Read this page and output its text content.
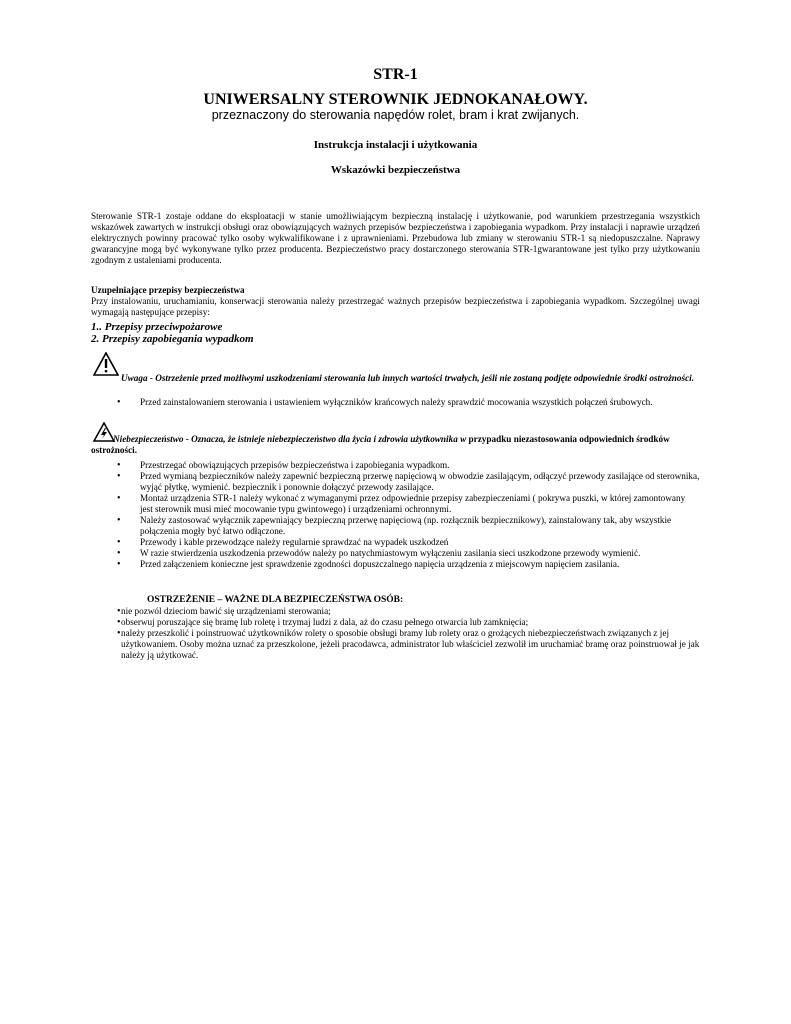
STR-1
UNIWERSALNY STEROWNIK JEDNOKANAŁOWY.
przeznaczony do sterowania napędów rolet, bram i krat zwijanych.
Instrukcja instalacji i użytkowania
Wskazówki bezpieczeństwa
Sterowanie STR-1 zostaje oddane do eksploatacji w stanie umożliwiającym bezpieczną instalację i użytkowanie, pod warunkiem przestrzegania wszystkich wskazówek zawartych w instrukcji obsługi oraz obowiązujących ważnych przepisów bezpieczeństwa i zapobiegania wypadkom. Przy instalacji i naprawie urządzeń elektrycznych powinny pracować tylko osoby wykwalifikowane i z uprawnieniami. Przebudowa lub zmiany w sterowaniu STR-1 są niedopuszczalne. Naprawy gwarancyjne mogą być wykonywane tylko przez producenta. Bezpieczeństwo pracy dostarczonego sterowania STR-1gwarantowane jest tylko przy użytkowaniu zgodnym z ustaleniami producenta.
Uzupełniające przepisy bezpieczeństwa
Przy instalowaniu, uruchamianiu, konserwacji sterowania należy przestrzegać ważnych przepisów bezpieczeństwa i zapobiegania wypadkom. Szczególnej uwagi wymagają następujące przepisy:
1.. Przepisy przeciwpożarowe
2. Przepisy zapobiegania wypadkom
Uwaga - Ostrzeżenie przed możliwymi uszkodzeniami sterowania lub innych wartości trwałych, jeśli nie zostaną podjęte odpowiednie środki ostrożności.
• Przed zainstalowaniem sterowania i ustawieniem wyłączników krańcowych należy sprawdzić mocowania wszystkich połączeń śrubowych.
Niebezpieczeństwo - Oznacza, że istnieje niebezpieczeństwo dla życia i zdrowia użytkownika w przypadku niezastosowania odpowiednich środków ostrożności.
• Przestrzegać obowiązujących przepisów bezpieczeństwa i zapobiegania wypadkom.
• Przed wymianą bezpieczników należy zapewnić bezpieczną przerwę napięciową w obwodzie zasilającym, odłączyć przewody zasilające od sterownika, wyjąć płytkę, wymienić. bezpiecznik i ponownie dołączyć przewody zasilające.
• Montaż urządzenia STR-1 należy wykonać z wymaganymi przez odpowiednie przepisy zabezpieczeniami ( pokrywa puszki, w której zamontowany jest sterownik musi mieć mocowanie typu gwintowego) i urządzeniami ochronnymi.
• Należy zastosować wyłącznik zapewniający bezpieczną przerwę napięciową (np. rozłącznik bezpiecznikowy), zainstalowany tak, aby wszystkie połączenia mogły być łatwo odłączone.
• Przewody i kable przewodzące należy regularnie sprawdzać na wypadek uszkodzeń
• W razie stwierdzenia uszkodzenia przewodów należy po natychmiastowym wyłączeniu zasilania sieci uszkodzone przewody wymienić.
• Przed załączeniem konieczne jest sprawdzenie zgodności dopuszczalnego napięcia urządzenia z miejscowym napięciem zasilania.
OSTRZEŻENIE – WAŻNE DLA BEZPIECZEŃSTWA OSÓB:
• nie pozwól dzieciom bawić się urządzeniami sterowania;
• obserwuj poruszające się bramę lub roletę i trzymaj ludzi z dala, aż do czasu pełnego otwarcia lub zamknięcia;
• należy przeszkolić i poinstruować użytkowników rolety o sposobie obsługi bramy lub rolety oraz o grożących niebezpieczeństwach związanych z jej użytkowaniem. Osoby można uznać za przeszkolone, jeżeli pracodawca, administrator lub właściciel zezwolił im uruchamiać bramę oraz poinstruował je jak należy ją użytkować.
